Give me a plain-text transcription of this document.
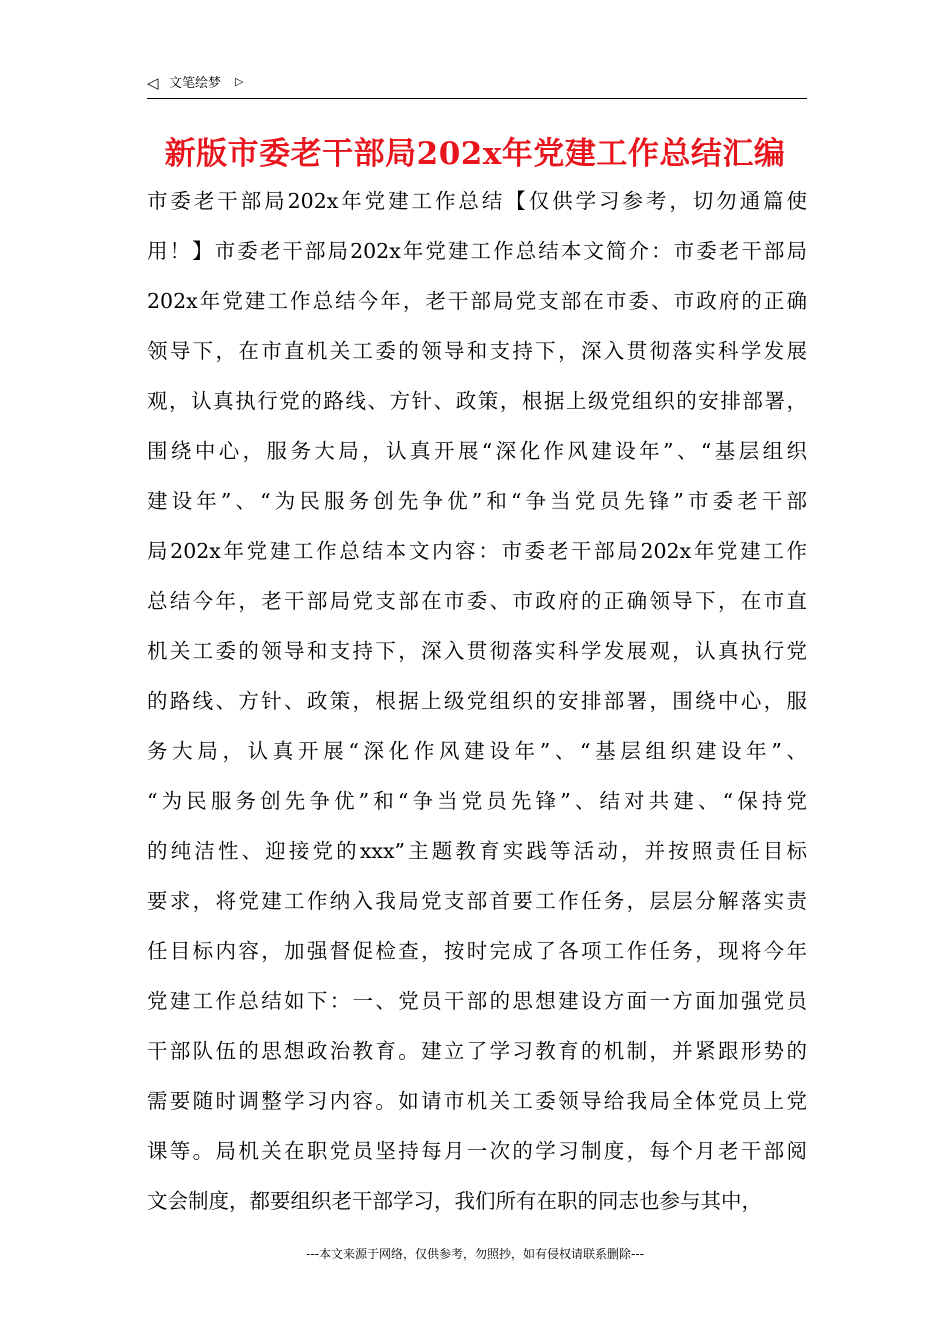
◁ 文笔绘梦 ▷
新版市委老干部局202x年党建工作总结汇编
市委老干部局202x年党建工作总结【仅供学习参考，切勿通篇使
用！】市委老干部局202x年党建工作总结本文简介：市委老干部局
202x年党建工作总结今年，老干部局党支部在市委、市政府的正确
领导下，在市直机关工委的领导和支持下，深入贯彻落实科学发展
观，认真执行党的路线、方针、政策，根据上级党组织的安排部署，
围绕中心，服务大局，认真开展“深化作风建设年”、“基层组织
建设年”、“为民服务创先争优”和“争当党员先锋”市委老干部
局202x年党建工作总结本文内容：市委老干部局202x年党建工作
总结今年，老干部局党支部在市委、市政府的正确领导下，在市直
机关工委的领导和支持下，深入贯彻落实科学发展观，认真执行党
的路线、方针、政策，根据上级党组织的安排部署，围绕中心，服
务大局，认真开展“深化作风建设年”、“基层组织建设年”、
“为民服务创先争优”和“争当党员先锋”、结对共建、“保持党
的纯洁性、迎接党的xxx”主题教育实践等活动，并按照责任目标
要求，将党建工作纳入我局党支部首要工作任务，层层分解落实责
任目标内容，加强督促检查，按时完成了各项工作任务，现将今年
党建工作总结如下：一、党员干部的思想建设方面一方面加强党员
干部队伍的思想政治教育。建立了学习教育的机制，并紧跟形势的
需要随时调整学习内容。如请市机关工委领导给我局全体党员上党
课等。局机关在职党员坚持每月一次的学习制度，每个月老干部阅
文会制度，都要组织老干部学习，我们所有在职的同志也参与其中，
---本文来源于网络，仅供参考，勿照抄，如有侵权请联系删除---
